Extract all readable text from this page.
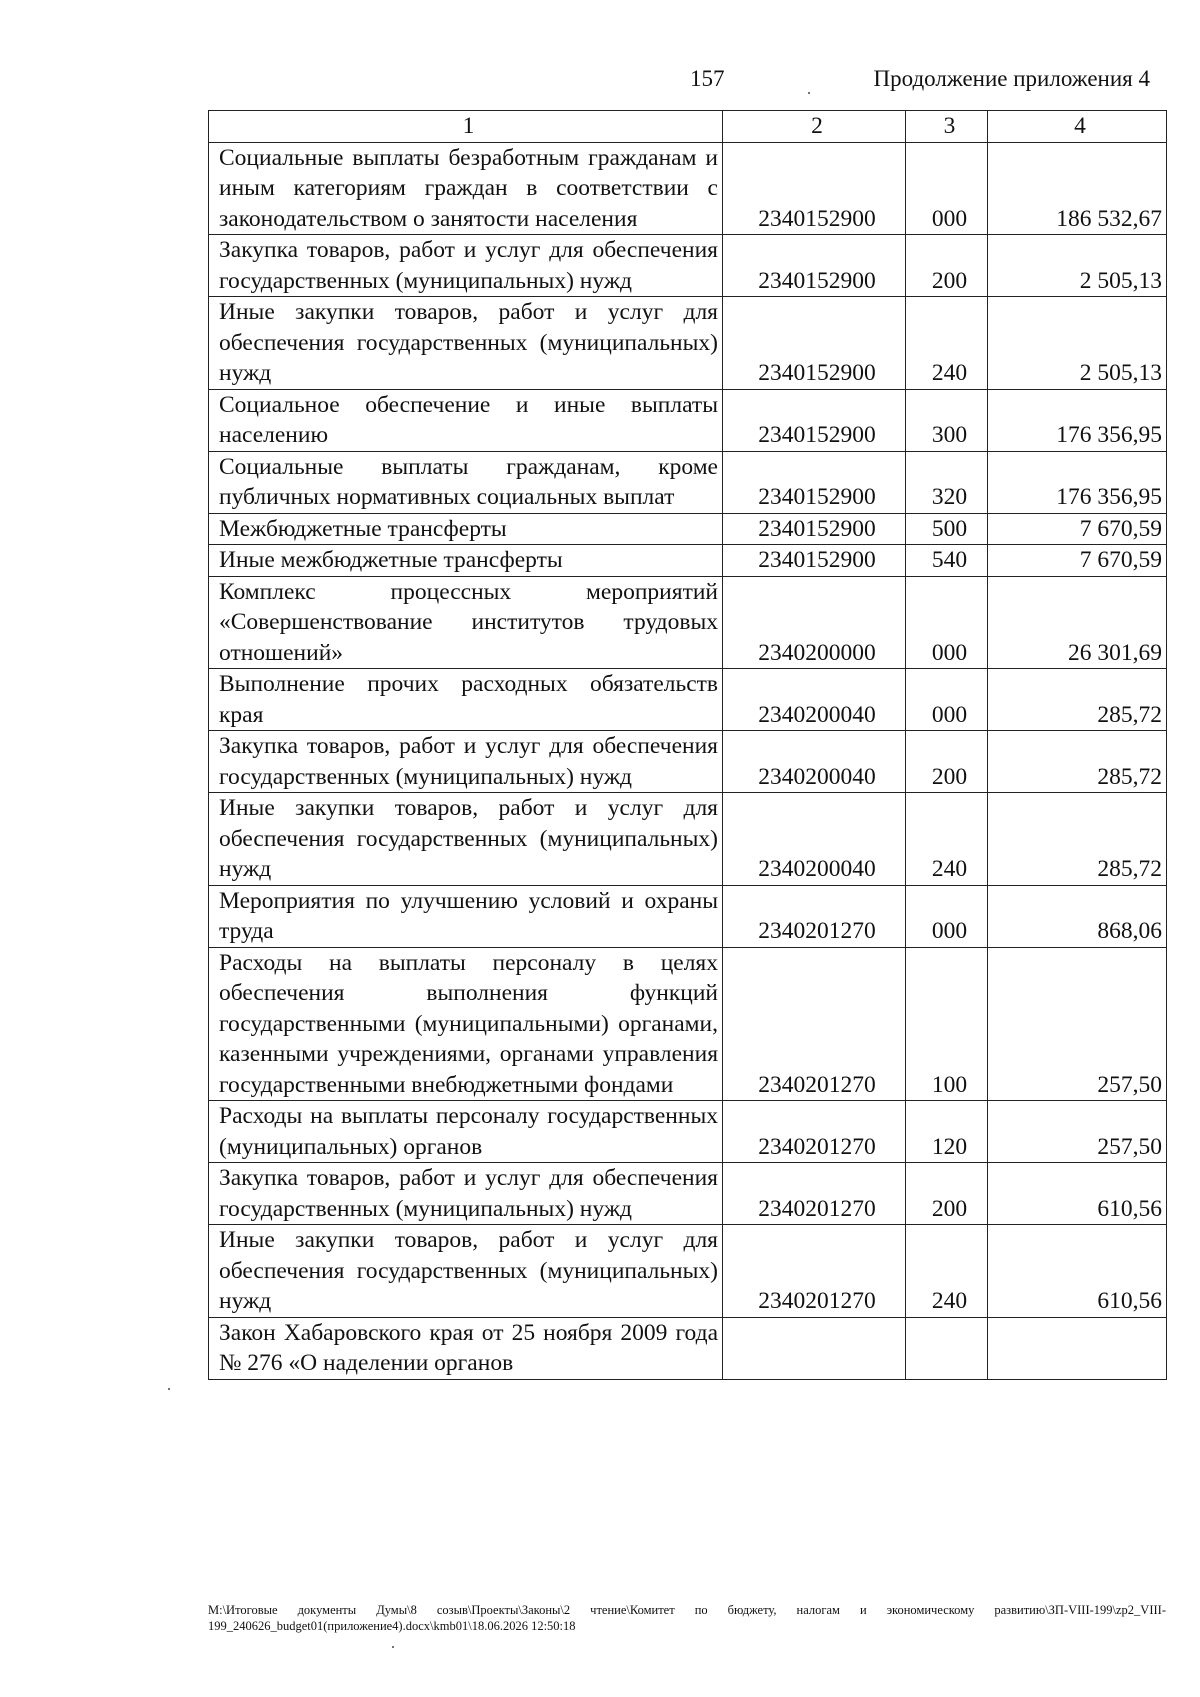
157	Продолжение приложения 4
1	2	3	4
Социальные выплаты безработным гражданам и иным категориям граждан в соответствии с законодательством о занятости населения	2340152900	000	186 532,67
Закупка товаров, работ и услуг для обеспечения государственных (муниципальных) нужд	2340152900	200	2 505,13
Иные закупки товаров, работ и услуг для обеспечения государственных (муниципальных) нужд	2340152900	240	2 505,13
Социальное обеспечение и иные выплаты населению	2340152900	300	176 356,95
Социальные выплаты гражданам, кроме публичных нормативных социальных выплат	2340152900	320	176 356,95
Межбюджетные трансферты	2340152900	500	7 670,59
Иные межбюджетные трансферты	2340152900	540	7 670,59
Комплекс процессных мероприятий «Совершенствование институтов трудовых отношений»	2340200000	000	26 301,69
Выполнение прочих расходных обязательств края	2340200040	000	285,72
Закупка товаров, работ и услуг для обеспечения государственных (муниципальных) нужд	2340200040	200	285,72
Иные закупки товаров, работ и услуг для обеспечения государственных (муниципальных) нужд	2340200040	240	285,72
Мероприятия по улучшению условий и охраны труда	2340201270	000	868,06
Расходы на выплаты персоналу в целях обеспечения выполнения функций государственными (муниципальными) органами, казенными учреждениями, органами управления государственными внебюджетными фондами	2340201270	100	257,50
Расходы на выплаты персоналу государственных (муниципальных) органов	2340201270	120	257,50
Закупка товаров, работ и услуг для обеспечения государственных (муниципальных) нужд	2340201270	200	610,56
Иные закупки товаров, работ и услуг для обеспечения государственных (муниципальных) нужд	2340201270	240	610,56
Закон Хабаровского края от 25 ноября 2009 года № 276 «О наделении органов			
M:\Итоговые документы Думы\8 созыв\Проекты\Законы\2 чтение\Комитет по бюджету, налогам и экономическому развитию\ЗП-VIII-199\zp2_VIII-199_240626_budget01(приложение4).docx\kmb01\18.06.2026 12:50:18
